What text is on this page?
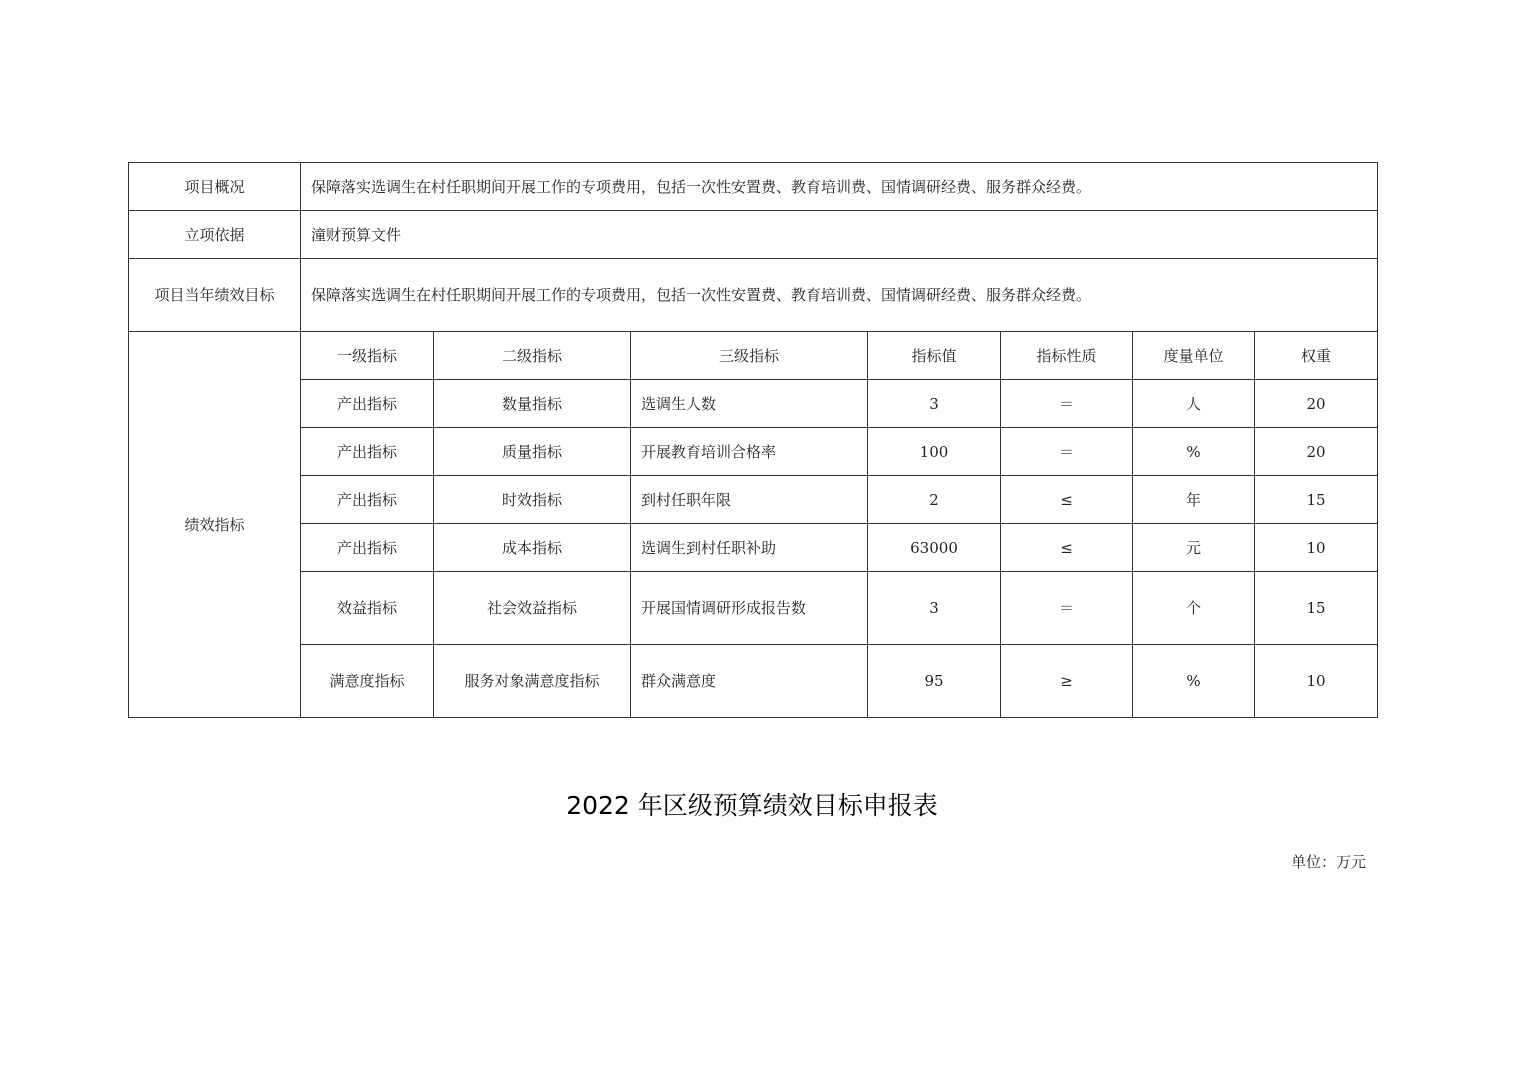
项目概况	保障落实选调生在村任职期间开展工作的专项费用，包括一次性安置费、教育培训费、国情调研经费、服务群众经费。						
立项依据	潼财预算文件						
项目当年绩效目标	保障落实选调生在村任职期间开展工作的专项费用，包括一次性安置费、教育培训费、国情调研经费、服务群众经费。						
绩效指标	一级指标	二级指标	三级指标	指标值	指标性质	度量单位	权重
	产出指标	数量指标	选调生人数	3	＝	人	20
	产出指标	质量指标	开展教育培训合格率	100	＝	%	20
	产出指标	时效指标	到村任职年限	2	≤	年	15
	产出指标	成本指标	选调生到村任职补助	63000	≤	元	10
	效益指标	社会效益指标	开展国情调研形成报告数	3	＝	个	15
	满意度指标	服务对象满意度指标	群众满意度	95	≥	%	10
2022 年区级预算绩效目标申报表
单位：万元
